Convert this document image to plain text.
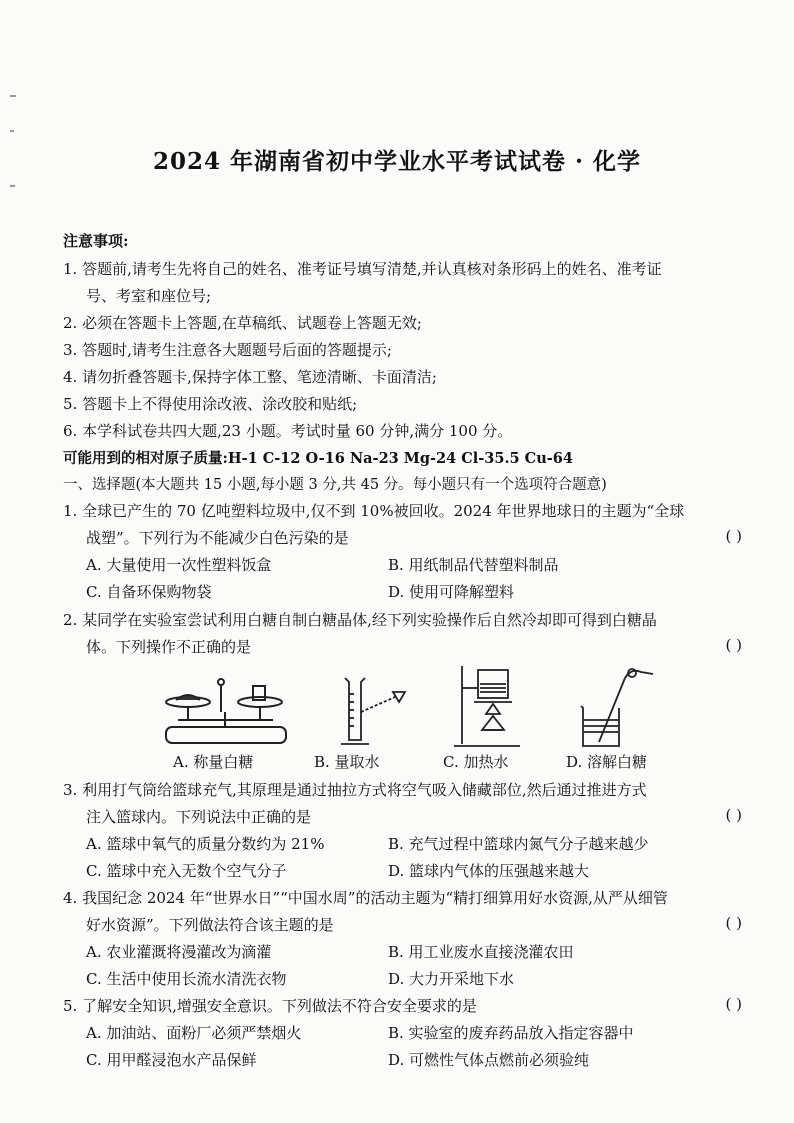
2024 年湖南省初中学业水平考试试卷 · 化学
注意事项:
1. 答题前,请考生先将自己的姓名、准考证号填写清楚,并认真核对条形码上的姓名、准考证
号、考室和座位号;
2. 必须在答题卡上答题,在草稿纸、试题卷上答题无效;
3. 答题时,请考生注意各大题题号后面的答题提示;
4. 请勿折叠答题卡,保持字体工整、笔迹清晰、卡面清洁;
5. 答题卡上不得使用涂改液、涂改胶和贴纸;
6. 本学科试卷共四大题,23 小题。考试时量 60 分钟,满分 100 分。
可能用到的相对原子质量:H-1 C-12 O-16 Na-23 Mg-24 Cl-35.5 Cu-64
一、选择题(本大题共 15 小题,每小题 3 分,共 45 分。每小题只有一个选项符合题意)
1. 全球已产生的 70 亿吨塑料垃圾中,仅不到 10%被回收。2024 年世界地球日的主题为“全球
战塑”。下列行为不能减少白色污染的是	( )
A. 大量使用一次性塑料饭盒	B. 用纸制品代替塑料制品
C. 自备环保购物袋	D. 使用可降解塑料
2. 某同学在实验室尝试利用白糖自制白糖晶体,经下列实验操作后自然冷却即可得到白糖晶
体。下列操作不正确的是	( )
A. 称量白糖	B. 量取水	C. 加热水	D. 溶解白糖
3. 利用打气筒给篮球充气,其原理是通过抽拉方式将空气吸入储藏部位,然后通过推进方式
注入篮球内。下列说法中正确的是	( )
A. 篮球中氧气的质量分数约为 21%	B. 充气过程中篮球内氮气分子越来越少
C. 篮球中充入无数个空气分子	D. 篮球内气体的压强越来越大
4. 我国纪念 2024 年“世界水日”“中国水周”的活动主题为“精打细算用好水资源,从严从细管
好水资源”。下列做法符合该主题的是	( )
A. 农业灌溉将漫灌改为滴灌	B. 用工业废水直接浇灌农田
C. 生活中使用长流水清洗衣物	D. 大力开采地下水
5. 了解安全知识,增强安全意识。下列做法不符合安全要求的是	( )
A. 加油站、面粉厂必须严禁烟火	B. 实验室的废弃药品放入指定容器中
C. 用甲醛浸泡水产品保鲜	D. 可燃性气体点燃前必须验纯
